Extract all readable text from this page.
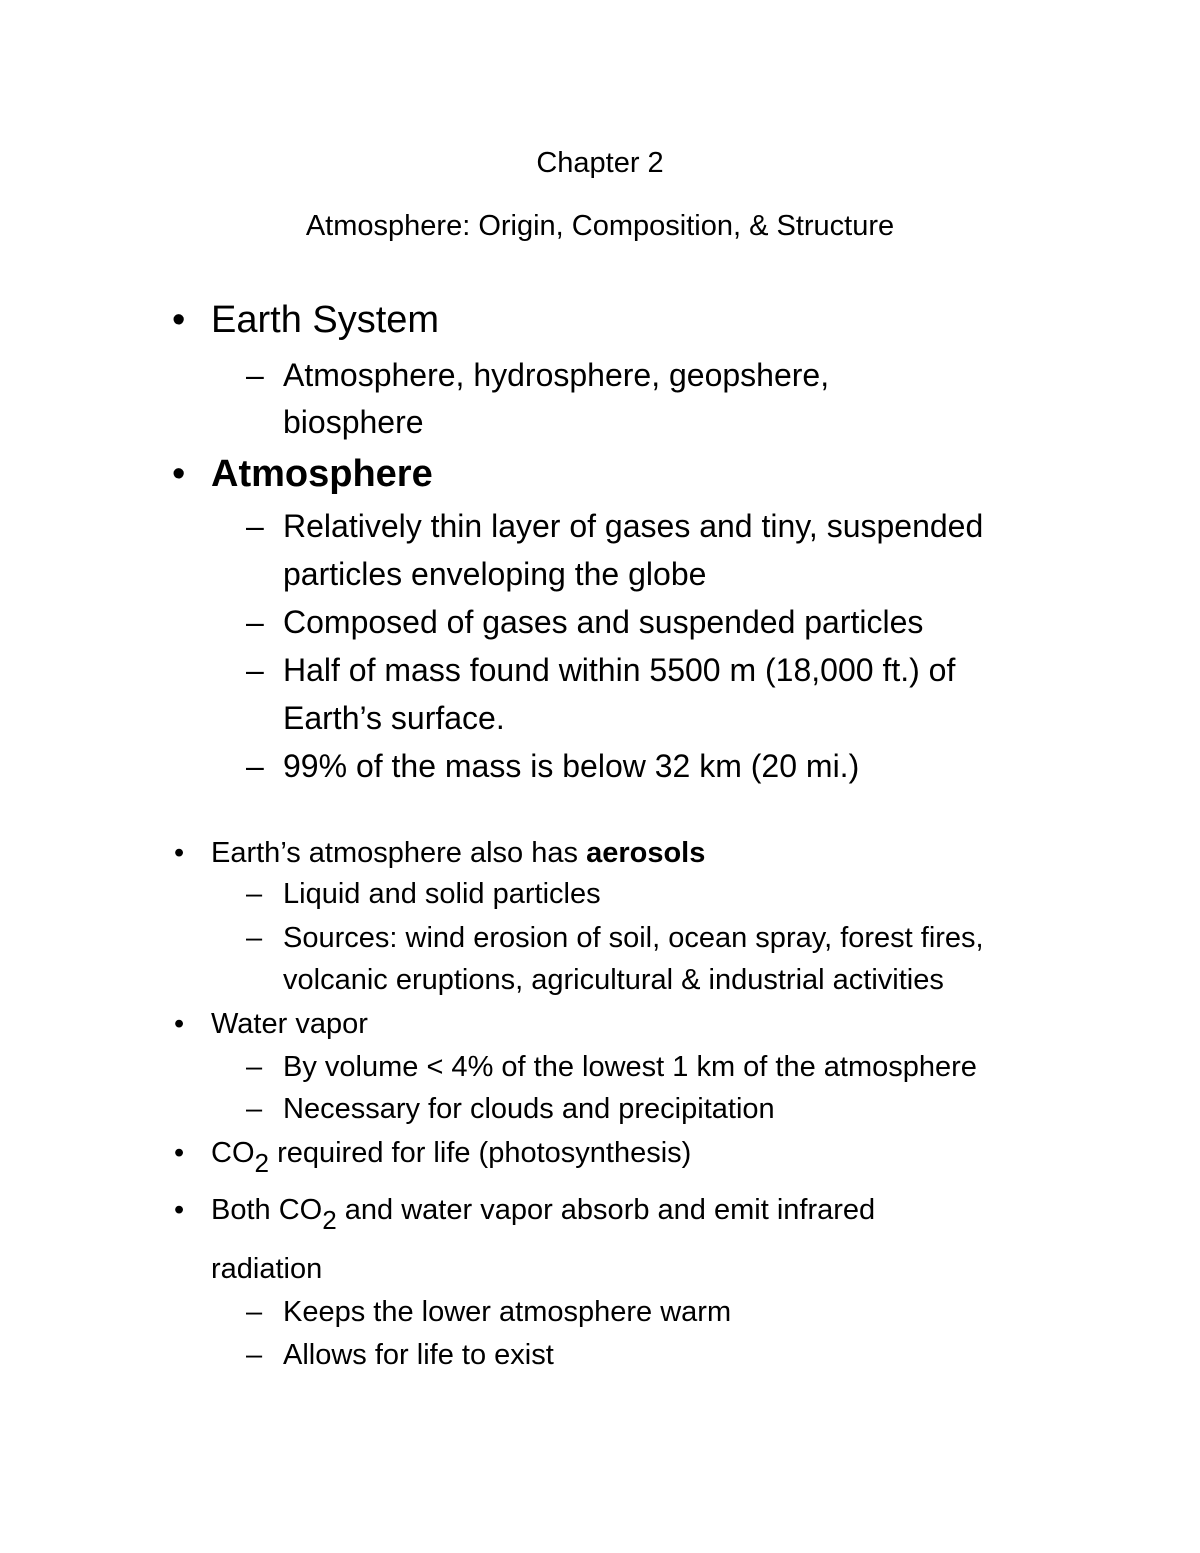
Chapter 2
Atmosphere: Origin, Composition, & Structure
• Earth System
– Atmosphere, hydrosphere, geopshere,
biosphere
• Atmosphere
– Relatively thin layer of gases and tiny, suspended
particles enveloping the globe
– Composed of gases and suspended particles
– Half of mass found within 5500 m (18,000 ft.) of
Earth’s surface.
– 99% of the mass is below 32 km (20 mi.)
• Earth’s atmosphere also has aerosols
– Liquid and solid particles
– Sources: wind erosion of soil, ocean spray, forest fires,
volcanic eruptions, agricultural & industrial activities
• Water vapor
– By volume < 4% of the lowest 1 km of the atmosphere
– Necessary for clouds and precipitation
• $CO_2$ required for life (photosynthesis)
• Both $CO_2$ and water vapor absorb and emit infrared
radiation
– Keeps the lower atmosphere warm
– Allows for life to exist
